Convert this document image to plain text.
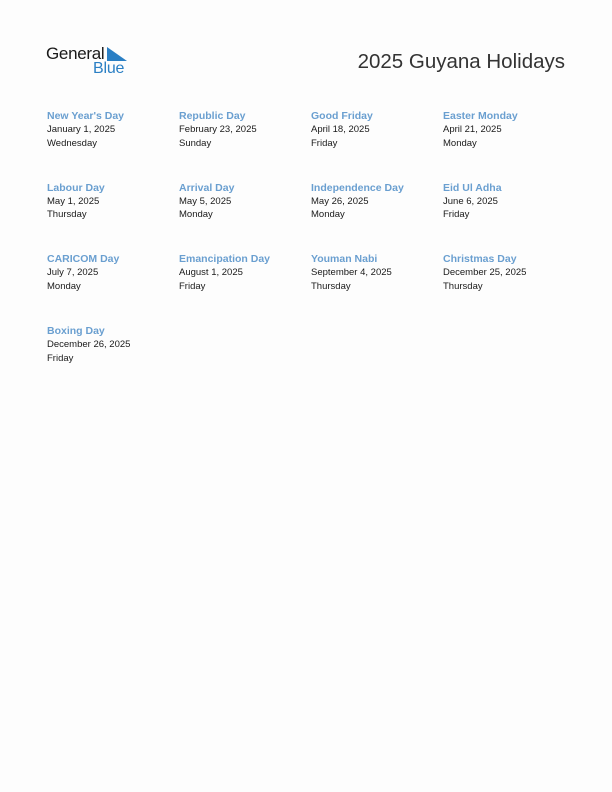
General
Blue	2025 Guyana Holidays
New Year's Day
January 1, 2025
Wednesday
Republic Day
February 23, 2025
Sunday
Good Friday
April 18, 2025
Friday
Easter Monday
April 21, 2025
Monday
Labour Day
May 1, 2025
Thursday
Arrival Day
May 5, 2025
Monday
Independence Day
May 26, 2025
Monday
Eid Ul Adha
June 6, 2025
Friday
CARICOM Day
July 7, 2025
Monday
Emancipation Day
August 1, 2025
Friday
Youman Nabi
September 4, 2025
Thursday
Christmas Day
December 25, 2025
Thursday
Boxing Day
December 26, 2025
Friday
